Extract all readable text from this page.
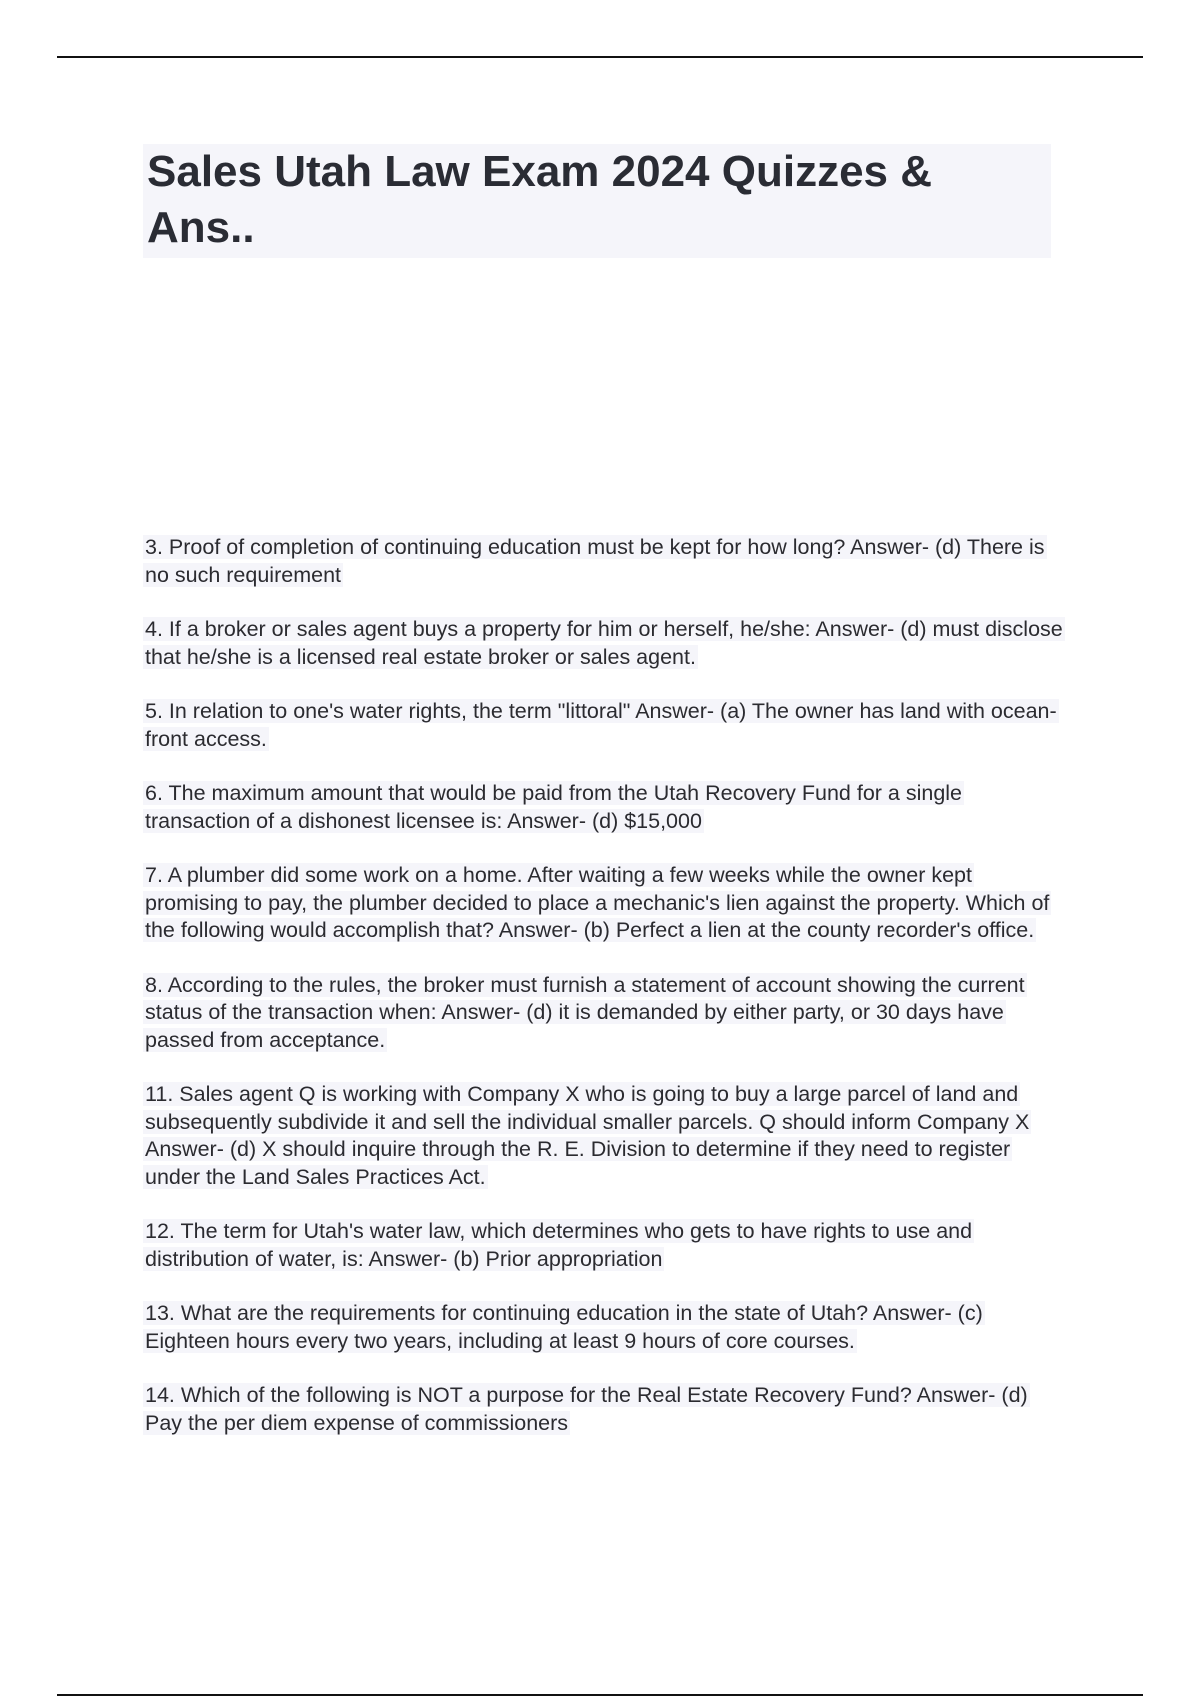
Sales Utah Law Exam 2024 Quizzes & Ans..

3. Proof of completion of continuing education must be kept for how long? Answer- (d) There is no such requirement

4. If a broker or sales agent buys a property for him or herself, he/she: Answer- (d) must disclose that he/she is a licensed real estate broker or sales agent.

5. In relation to one's water rights, the term "littoral" Answer- (a) The owner has land with ocean-front access.

6. The maximum amount that would be paid from the Utah Recovery Fund for a single transaction of a dishonest licensee is: Answer- (d) $15,000

7. A plumber did some work on a home. After waiting a few weeks while the owner kept promising to pay, the plumber decided to place a mechanic's lien against the property. Which of the following would accomplish that? Answer- (b) Perfect a lien at the county recorder's office.

8. According to the rules, the broker must furnish a statement of account showing the current status of the transaction when: Answer- (d) it is demanded by either party, or 30 days have passed from acceptance.

11. Sales agent Q is working with Company X who is going to buy a large parcel of land and subsequently subdivide it and sell the individual smaller parcels. Q should inform Company X Answer- (d) X should inquire through the R. E. Division to determine if they need to register under the Land Sales Practices Act.

12. The term for Utah's water law, which determines who gets to have rights to use and distribution of water, is: Answer- (b) Prior appropriation

13. What are the requirements for continuing education in the state of Utah? Answer- (c) Eighteen hours every two years, including at least 9 hours of core courses.

14. Which of the following is NOT a purpose for the Real Estate Recovery Fund? Answer- (d) Pay the per diem expense of commissioners
